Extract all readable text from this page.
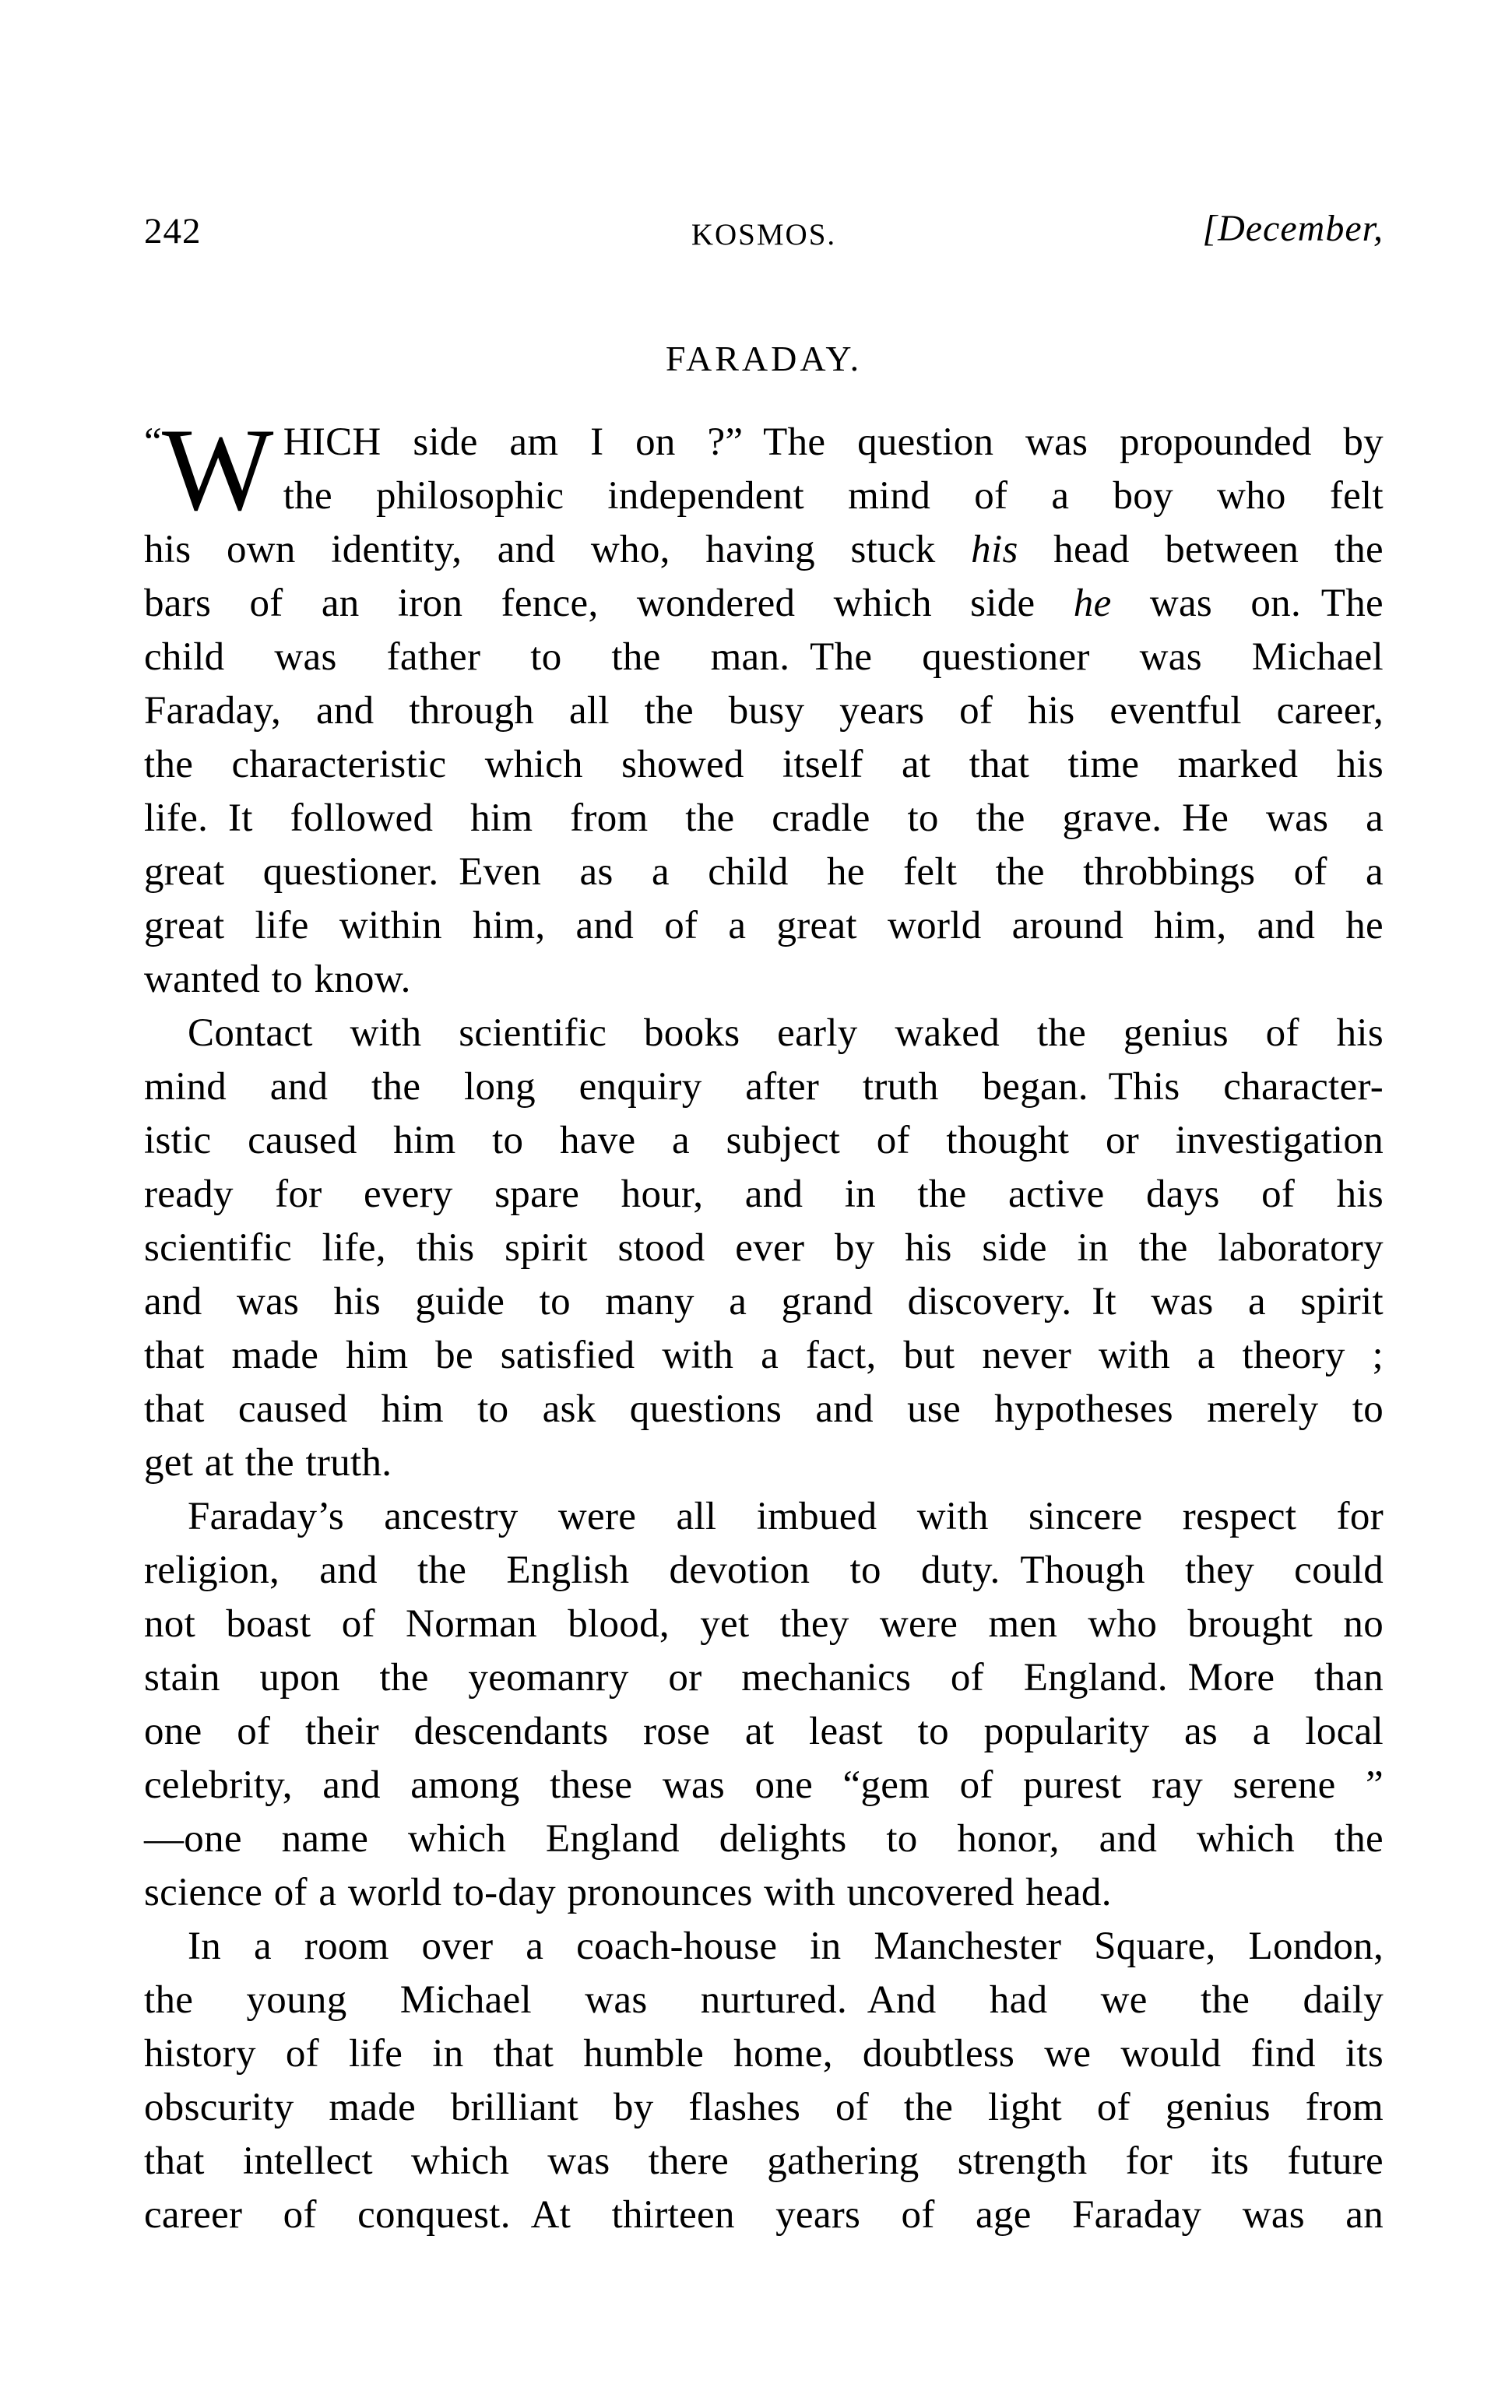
242	KOSMOS.	[December,
FARADAY.
“ W HICH side am I on ?” The question was propounded by
the philosophic independent mind of a boy who felt
his own identity, and who, having stuck his head between the
bars of an iron fence, wondered which side he was on. The
child was father to the man. The questioner was Michael
Faraday, and through all the busy years of his eventful career,
the characteristic which showed itself at that time marked his
life. It followed him from the cradle to the grave. He was a
great questioner. Even as a child he felt the throbbings of a
great life within him, and of a great world around him, and he
wanted to know.
Contact with scientific books early waked the genius of his
mind and the long enquiry after truth began. This character-
istic caused him to have a subject of thought or investigation
ready for every spare hour, and in the active days of his
scientific life, this spirit stood ever by his side in the laboratory
and was his guide to many a grand discovery. It was a spirit
that made him be satisfied with a fact, but never with a theory ;
that caused him to ask questions and use hypotheses merely to
get at the truth.
Faraday’s ancestry were all imbued with sincere respect for
religion, and the English devotion to duty. Though they could
not boast of Norman blood, yet they were men who brought no
stain upon the yeomanry or mechanics of England. More than
one of their descendants rose at least to popularity as a local
celebrity, and among these was one “gem of purest ray serene ”
—one name which England delights to honor, and which the
science of a world to-day pronounces with uncovered head.
In a room over a coach-house in Manchester Square, London,
the young Michael was nurtured. And had we the daily
history of life in that humble home, doubtless we would find its
obscurity made brilliant by flashes of the light of genius from
that intellect which was there gathering strength for its future
career of conquest. At thirteen years of age Faraday was an
